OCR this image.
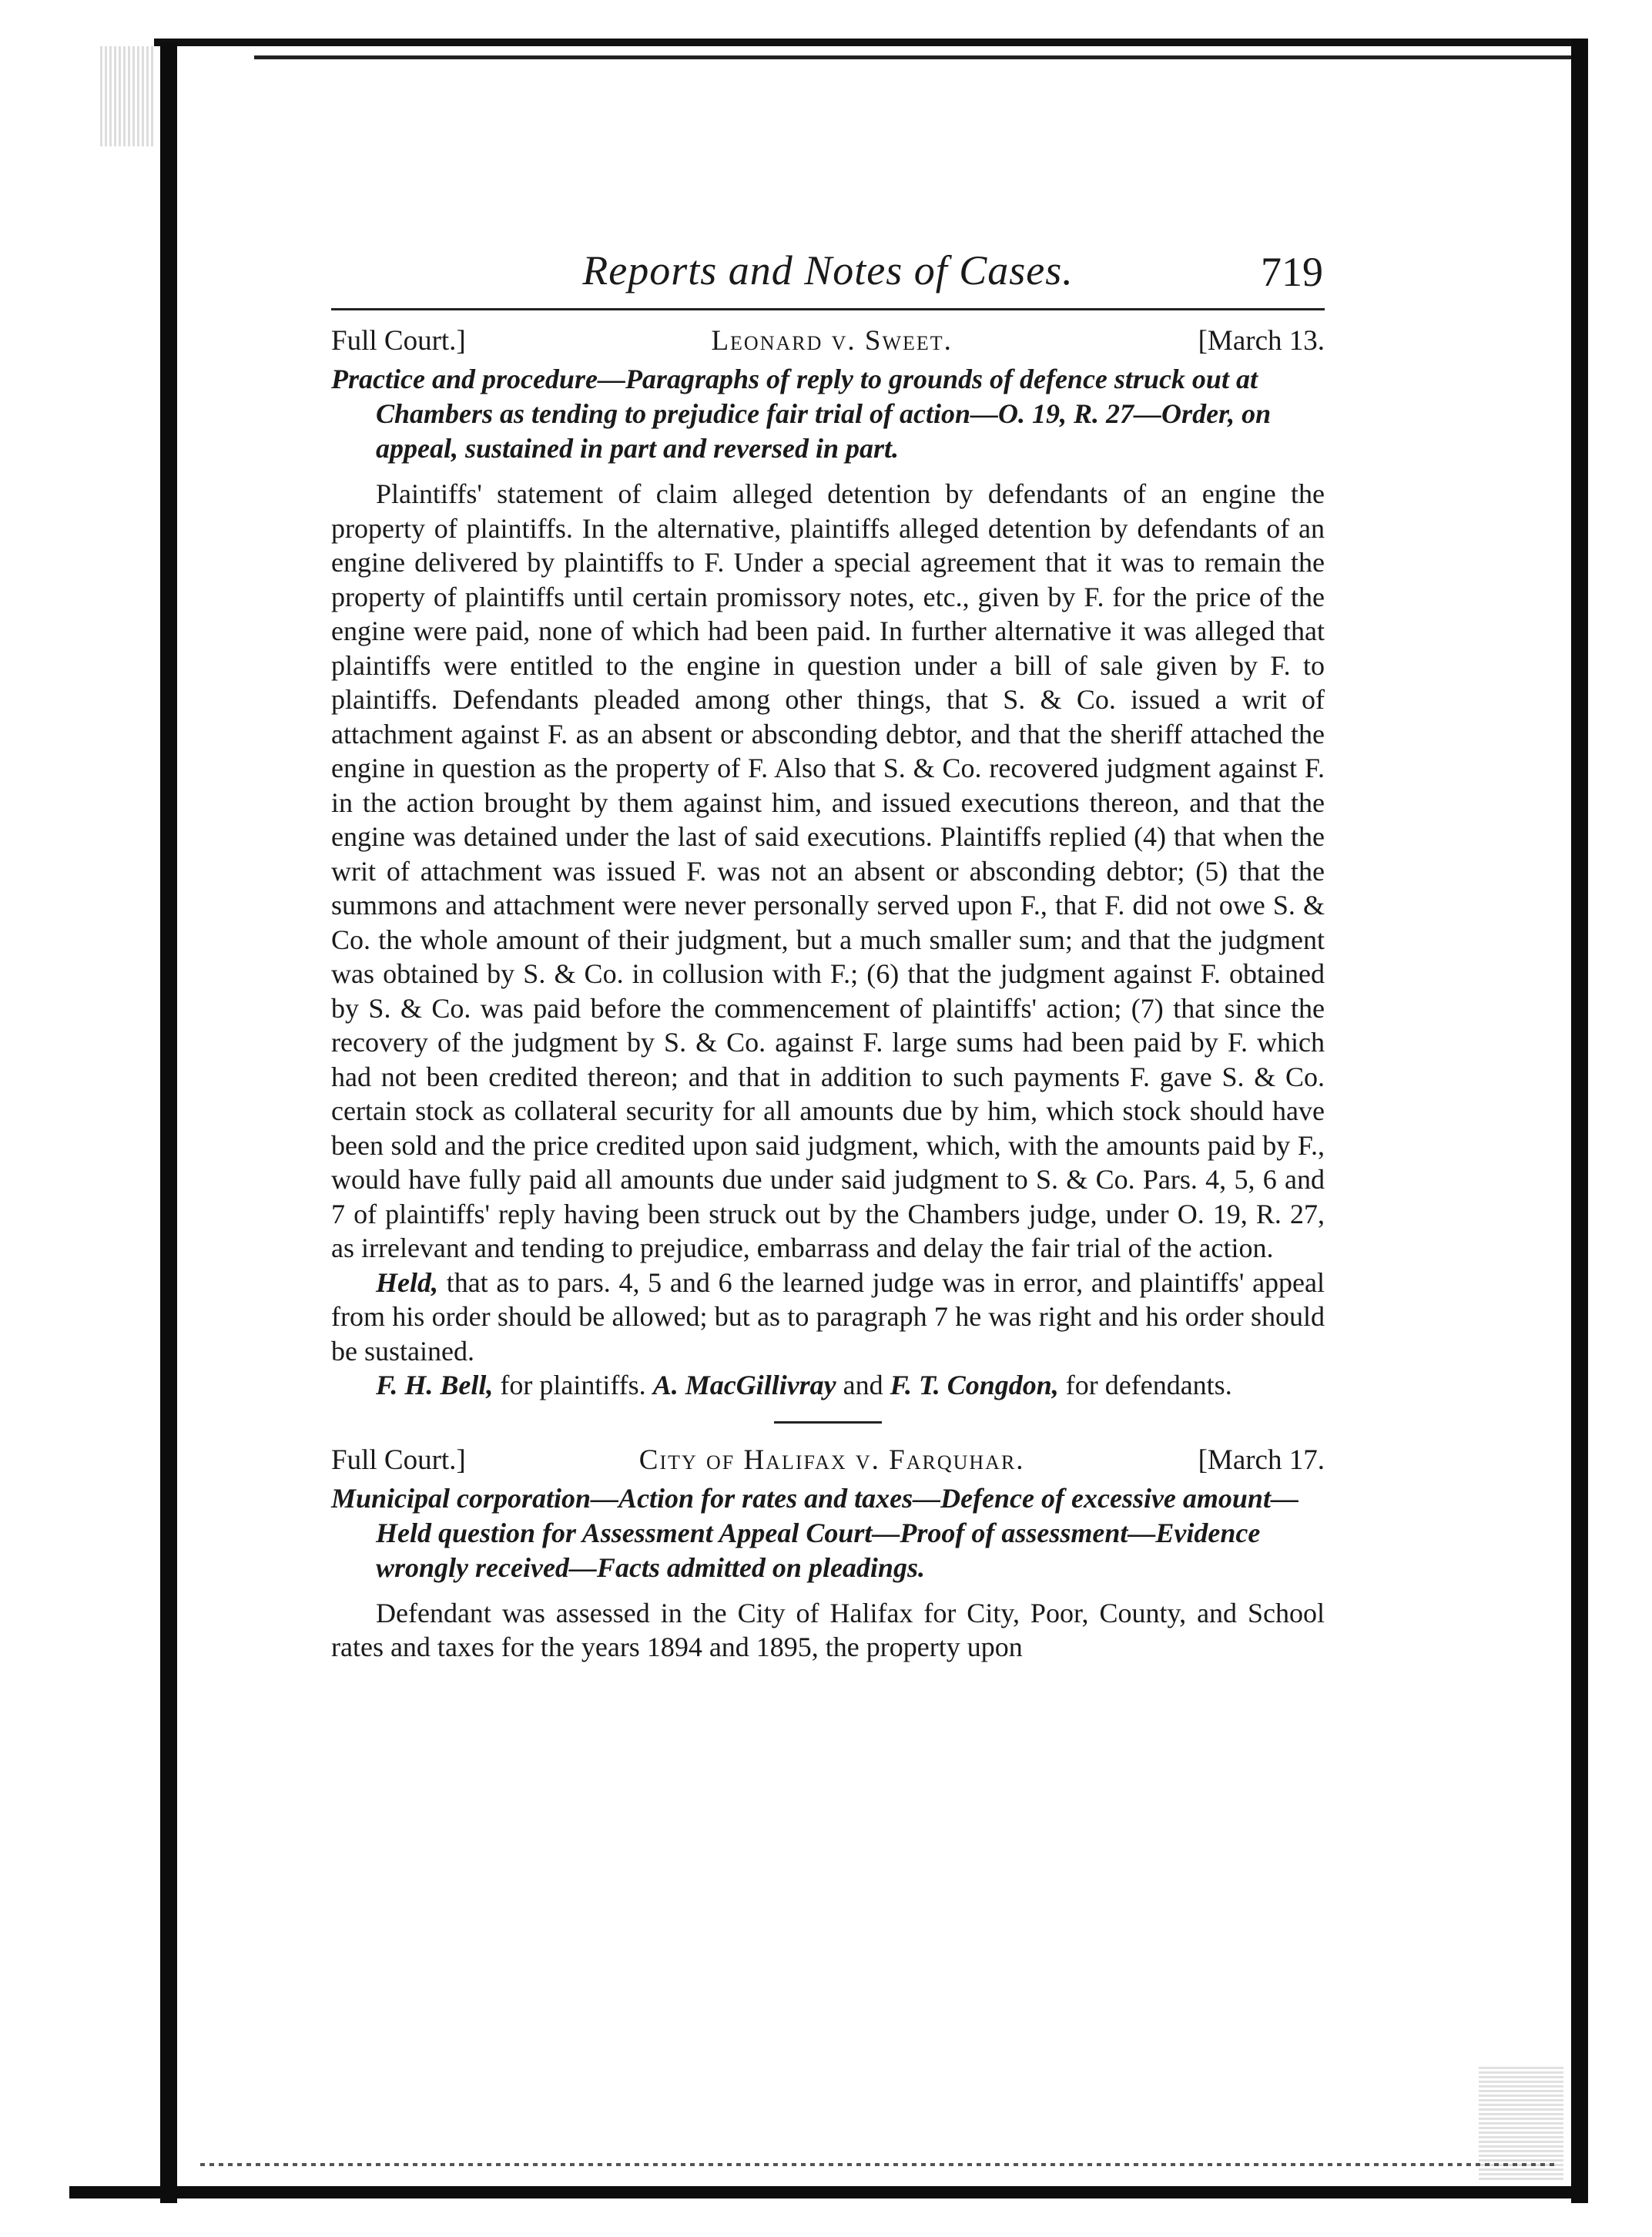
Reports and Notes of Cases.	719
Full Court.]	Leonard v. Sweet.	[March 13.

Practice and procedure—Paragraphs of reply to grounds of defence struck out at Chambers as tending to prejudice fair trial of action—O. 19, R. 27—Order, on appeal, sustained in part and reversed in part.

Plaintiffs' statement of claim alleged detention by defendants of an engine the property of plaintiffs. In the alternative, plaintiffs alleged detention by defendants of an engine delivered by plaintiffs to F. Under a special agreement that it was to remain the property of plaintiffs until certain promissory notes, etc., given by F. for the price of the engine were paid, none of which had been paid. In further alternative it was alleged that plaintiffs were entitled to the engine in question under a bill of sale given by F. to plaintiffs. Defendants pleaded among other things, that S. & Co. issued a writ of attachment against F. as an absent or absconding debtor, and that the sheriff attached the engine in question as the property of F. Also that S. & Co. recovered judgment against F. in the action brought by them against him, and issued executions thereon, and that the engine was detained under the last of said executions. Plaintiffs replied (4) that when the writ of attachment was issued F. was not an absent or absconding debtor; (5) that the summons and attachment were never personally served upon F., that F. did not owe S. & Co. the whole amount of their judgment, but a much smaller sum; and that the judgment was obtained by S. & Co. in collusion with F.; (6) that the judgment against F. obtained by S. & Co. was paid before the commencement of plaintiffs' action; (7) that since the recovery of the judgment by S. & Co. against F. large sums had been paid by F. which had not been credited thereon; and that in addition to such payments F. gave S. & Co. certain stock as collateral security for all amounts due by him, which stock should have been sold and the price credited upon said judgment, which, with the amounts paid by F., would have fully paid all amounts due under said judgment to S. & Co. Pars. 4, 5, 6 and 7 of plaintiffs' reply having been struck out by the Chambers judge, under O. 19, R. 27, as irrelevant and tending to prejudice, embarrass and delay the fair trial of the action.

Held, that as to pars. 4, 5 and 6 the learned judge was in error, and plaintiffs' appeal from his order should be allowed; but as to paragraph 7 he was right and his order should be sustained.

F. H. Bell, for plaintiffs. A. MacGillivray and F. T. Congdon, for defendants.

Full Court.]	City of Halifax v. Farquhar.	[March 17.

Municipal corporation—Action for rates and taxes—Defence of excessive amount—Held question for Assessment Appeal Court—Proof of assessment—Evidence wrongly received—Facts admitted on pleadings.

Defendant was assessed in the City of Halifax for City, Poor, County, and School rates and taxes for the years 1894 and 1895, the property upon
